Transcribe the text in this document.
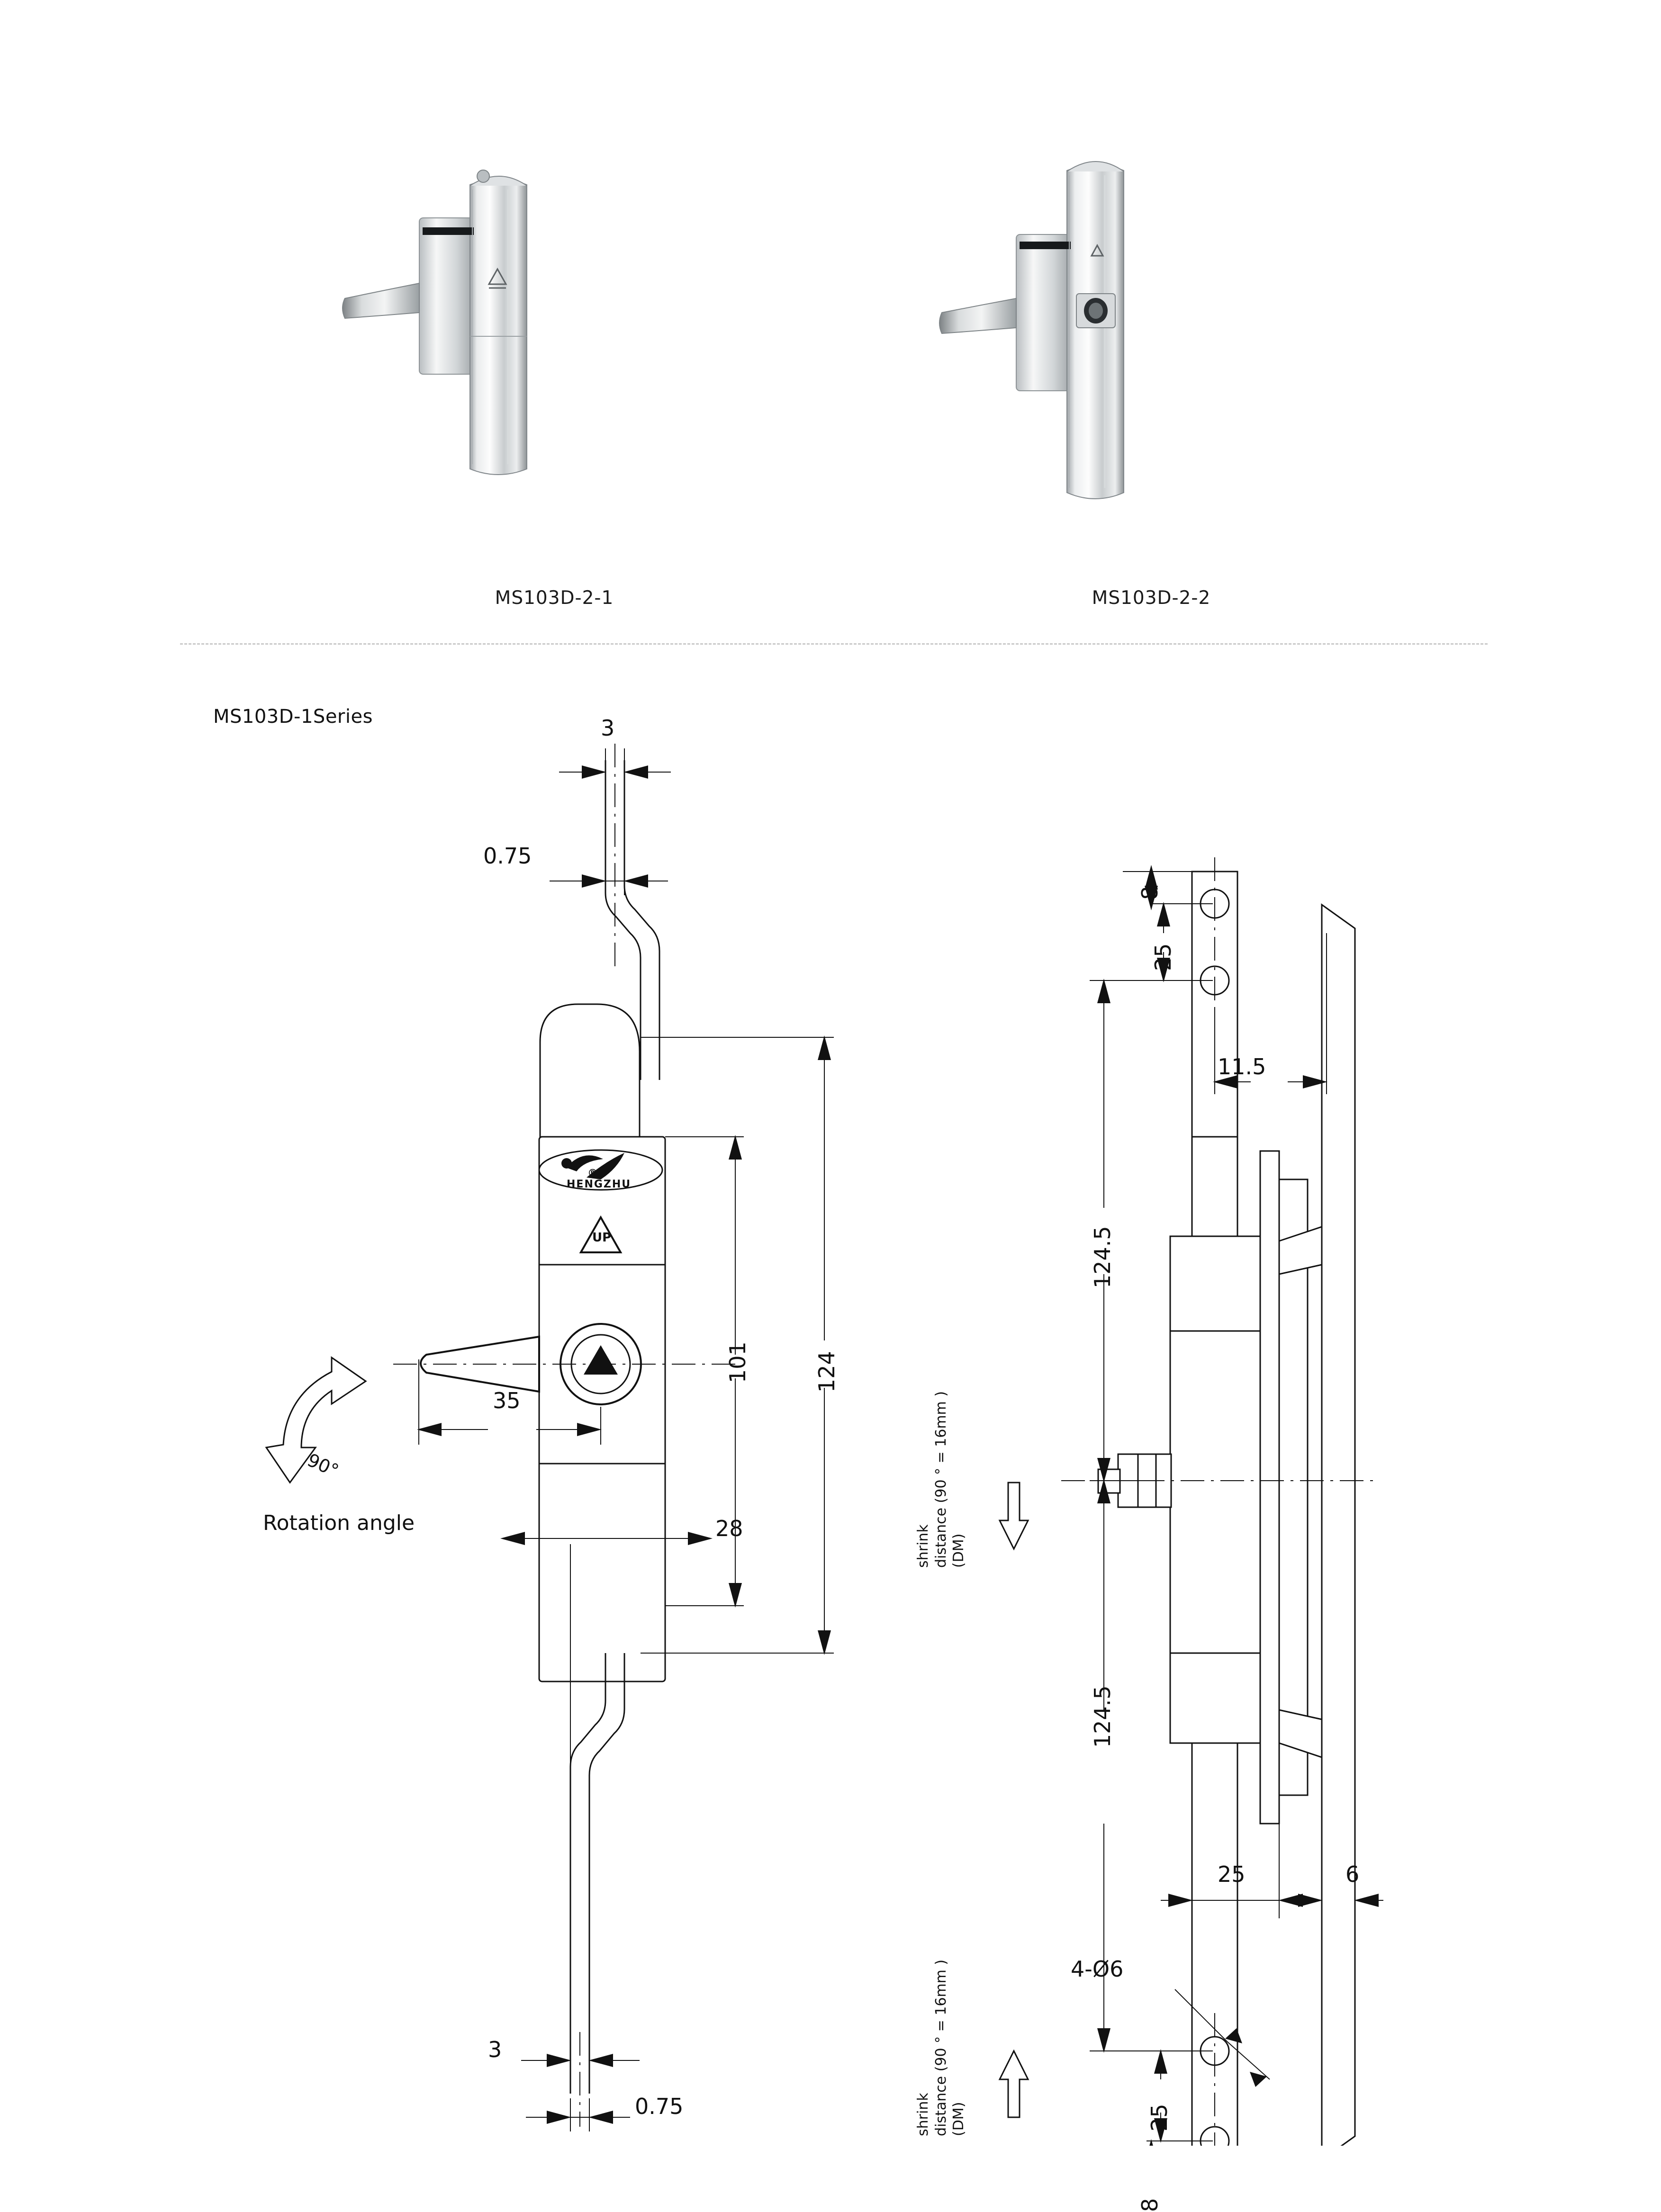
MS103D-2-1	MS103D-2-2
MS103D-1Series	3
0.75
101	124
35
28
3
0.75
90°
Rotation angle
®
HENGZHU
UP
8
25
11.5
124.5
124.5
25	6
4-Ø6
25
8
shrink
distance (90 ° = 16mm )
(DM)
shrink
distance (90 ° = 16mm )
(DM)
